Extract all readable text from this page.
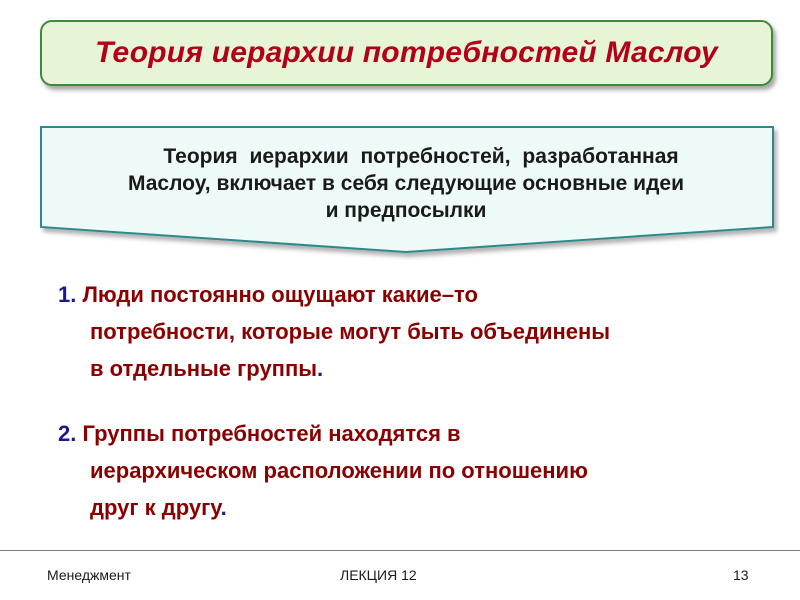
Теория иерархии потребностей Маслоу
Теория иерархии потребностей, разработанная
Маслоу, включает в себя следующие основные идеи
и предпосылки
1. Люди постоянно ощущают какие–то
потребности, которые могут быть объединены
в отдельные группы.
2. Группы потребностей находятся в
иерархическом расположении по отношению
друг к другу.
Менеджмент	ЛЕКЦИЯ 12	13
